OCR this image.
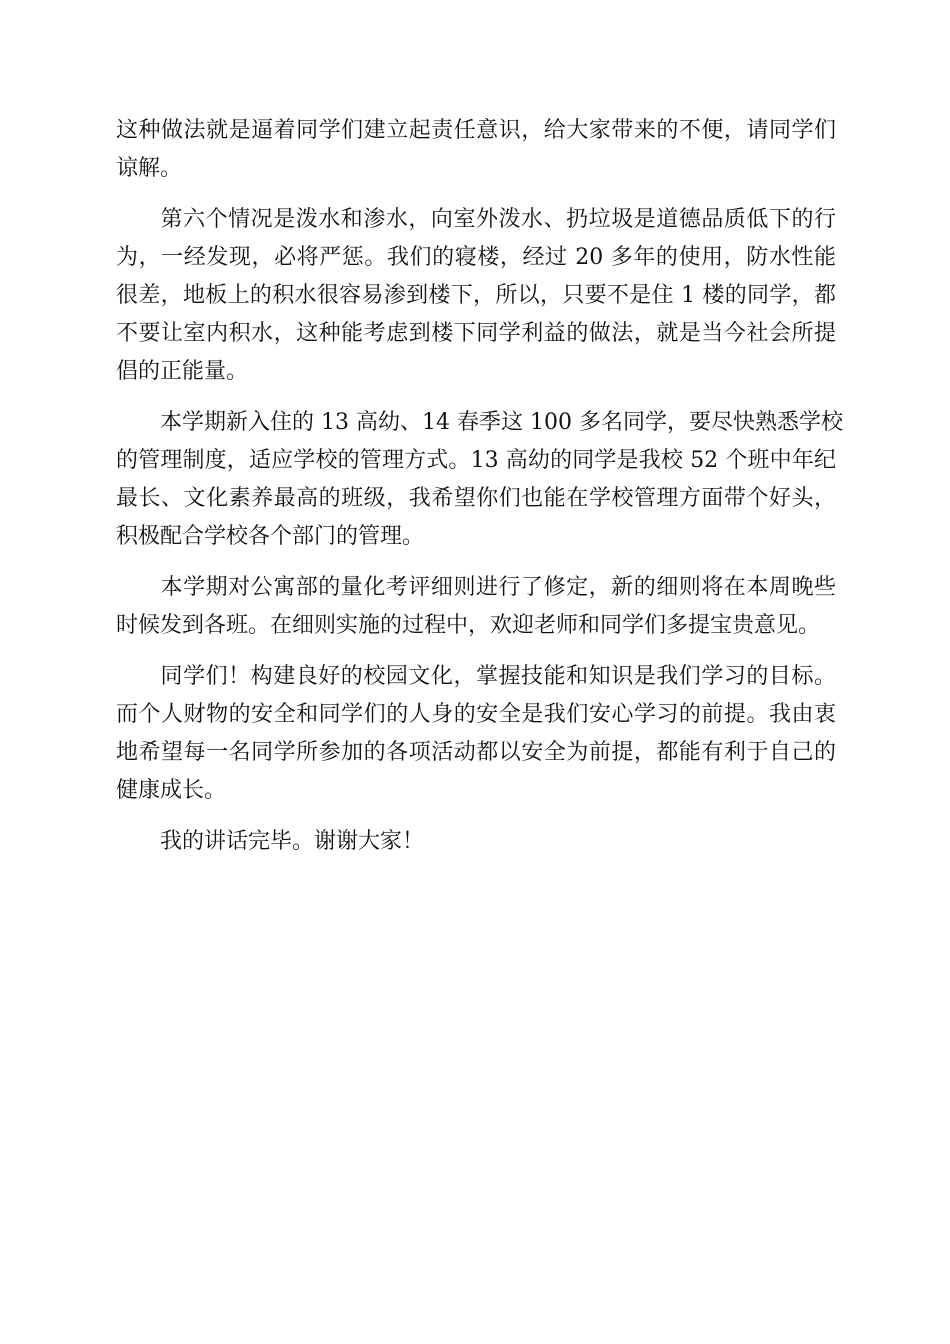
这种做法就是逼着同学们建立起责任意识，给大家带来的不便，请同学们
谅解。

第六个情况是泼水和渗水，向室外泼水、扔垃圾是道德品质低下的行
为，一经发现，必将严惩。我们的寝楼，经过 20 多年的使用，防水性能
很差，地板上的积水很容易渗到楼下，所以，只要不是住 1 楼的同学，都
不要让室内积水，这种能考虑到楼下同学利益的做法，就是当今社会所提
倡的正能量。

本学期新入住的 13 高幼、14 春季这 100 多名同学，要尽快熟悉学校
的管理制度，适应学校的管理方式。13 高幼的同学是我校 52 个班中年纪
最长、文化素养最高的班级，我希望你们也能在学校管理方面带个好头，
积极配合学校各个部门的管理。

本学期对公寓部的量化考评细则进行了修定，新的细则将在本周晚些
时候发到各班。在细则实施的过程中，欢迎老师和同学们多提宝贵意见。

同学们！构建良好的校园文化，掌握技能和知识是我们学习的目标。
而个人财物的安全和同学们的人身的安全是我们安心学习的前提。我由衷
地希望每一名同学所参加的各项活动都以安全为前提，都能有利于自己的
健康成长。

我的讲话完毕。谢谢大家！
